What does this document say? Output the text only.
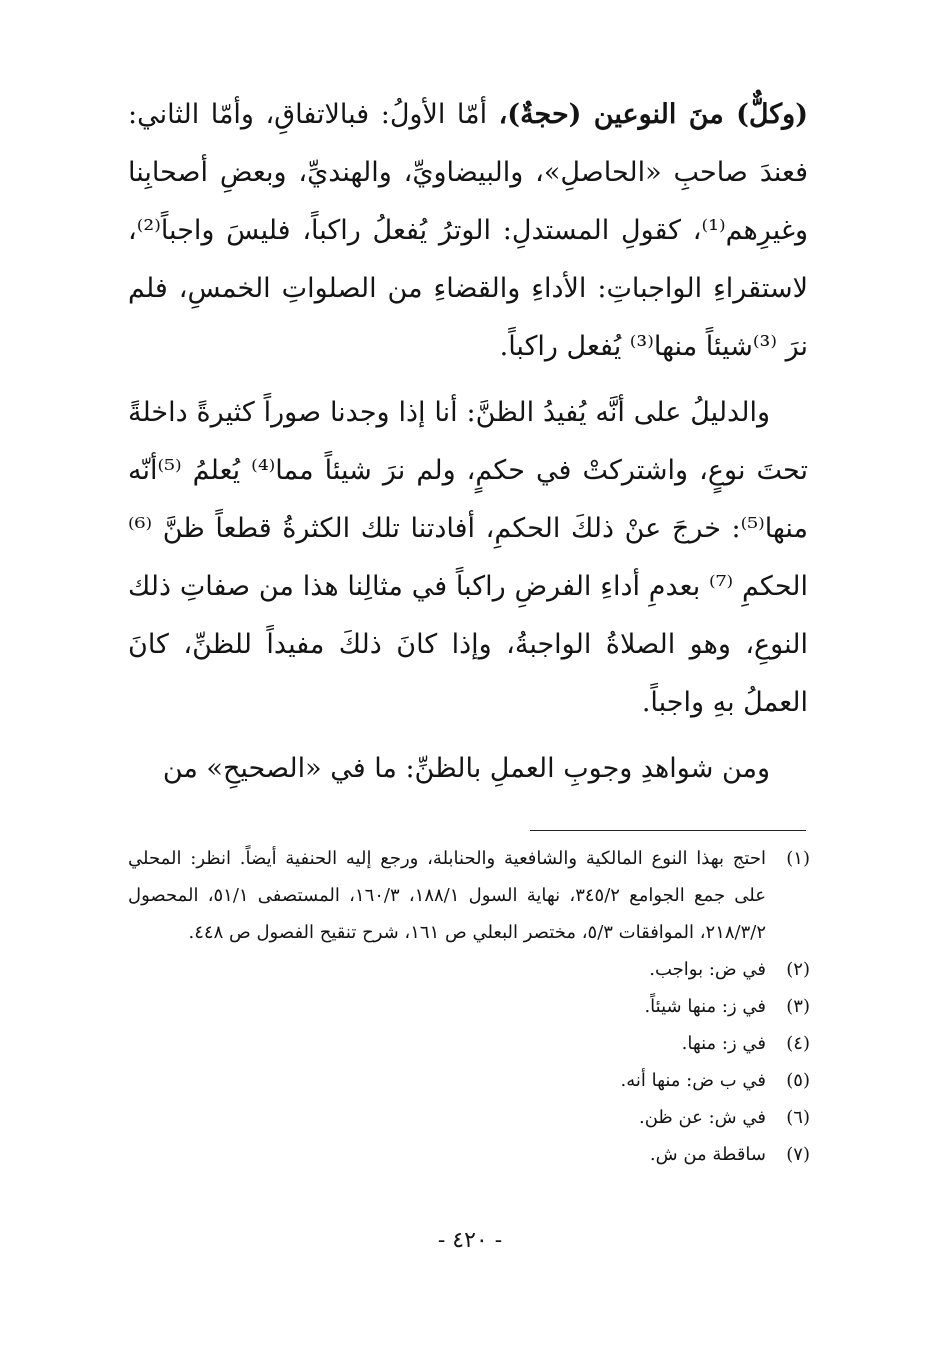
(وكلٌّ) منَ النوعين (حجةٌ)، أمّا الأولُ: فبالاتفاقِ، وأمّا الثاني: فعندَ صاحبِ «الحاصلِ»، والبيضاويِّ، والهنديِّ، وبعضِ أصحابِنا وغيرِهم⁽¹⁾، كقولِ المستدلِ: الوترُ يُفعلُ راكباً، فليسَ واجباً⁽²⁾، لاستقراءِ الواجباتِ: الأداءِ والقضاءِ من الصلواتِ الخمسِ، فلم نرَ ⁽³⁾شيئاً منها⁽³⁾ يُفعل راكباً.

والدليلُ على أنَّه يُفيدُ الظنَّ: أنا إذا وجدنا صوراً كثيرةً داخلةً تحتَ نوعٍ، واشتركتْ في حكمٍ، ولم نرَ شيئاً مما⁽⁴⁾ يُعلمُ ⁽⁵⁾أنّه منها⁽⁵⁾: خرجَ عنْ ذلكَ الحكمِ، أفادتنا تلك الكثرةُ قطعاً ظنَّ ⁽⁶⁾ الحكمِ ⁽⁷⁾ بعدمِ أداءِ الفرضِ راكباً في مثالِنا هذا من صفاتِ ذلك النوعِ، وهو الصلاةُ الواجبةُ، وإذا كانَ ذلكَ مفيداً للظنِّ، كانَ العملُ بهِ واجباً.

ومن شواهدِ وجوبِ العملِ بالظنِّ: ما في «الصحيحِ» من

(١)
احتج بهذا النوع المالكية والشافعية والحنابلة، ورجع إليه الحنفية أيضاً. انظر: المحلي على جمع الجوامع ٣٤٥/٢، نهاية السول ١٨٨/١، ١٦٠/٣، المستصفى ٥١/١، المحصول ٢١٨/٣/٢، الموافقات ٥/٣، مختصر البعلي ص ١٦١، شرح تنقيح الفصول ص ٤٤٨.
(٢)
في ض: بواجب.
(٣)
في ز: منها شيئاً.
(٤)
في ز: منها.
(٥)
في ب ض: منها أنه.
(٦)
في ش: عن ظن.
(٧)
ساقطة من ش.
- ٤٢٠ -
